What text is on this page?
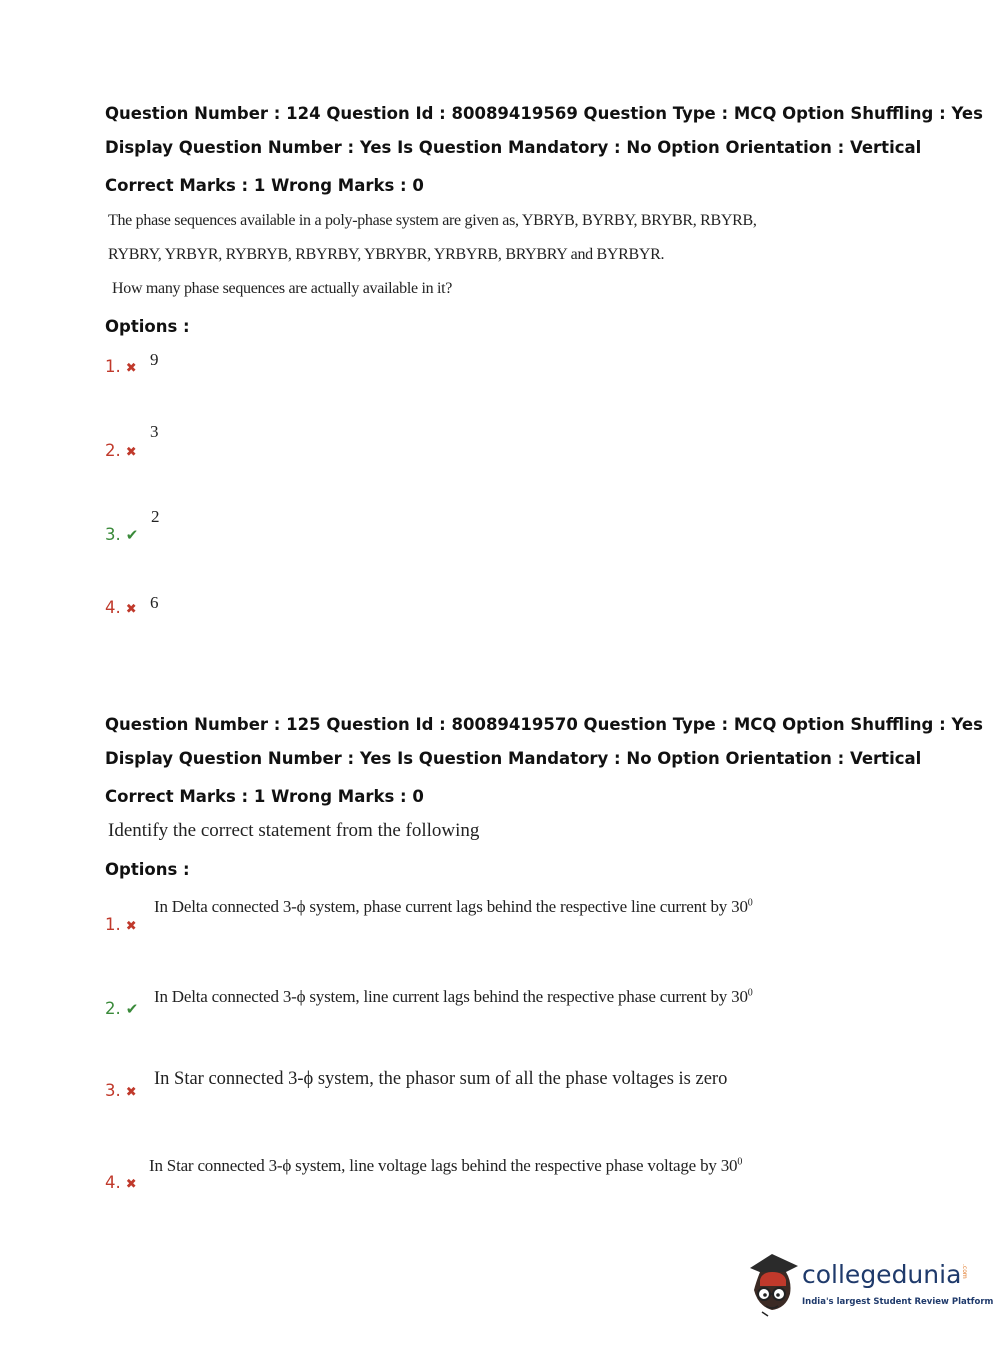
Question Number : 124 Question Id : 80089419569 Question Type : MCQ Option Shuffling : Yes
Display Question Number : Yes Is Question Mandatory : No Option Orientation : Vertical
Correct Marks : 1 Wrong Marks : 0
The phase sequences available in a poly-phase system are given as, YBRYB, BYRBY, BRYBR, RBYRB,
RYBRY, YRBYR, RYBRYB, RBYRBY, YBRYBR, YRBYRB, BRYBRY and BYRBYR.
How many phase sequences are actually available in it?
Options :
1. ✖ 9
2. ✖
3
3. ✔
2
4. ✖ 6
Question Number : 125 Question Id : 80089419570 Question Type : MCQ Option Shuffling : Yes
Display Question Number : Yes Is Question Mandatory : No Option Orientation : Vertical
Correct Marks : 1 Wrong Marks : 0
Identify the correct statement from the following
Options :
1. ✖
In Delta connected 3-ϕ system, phase current lags behind the respective line current by $30^0$
2. ✔
In Delta connected 3-ϕ system, line current lags behind the respective phase current by $30^0$
3. ✖
In Star connected 3-ϕ system, the phasor sum of all the phase voltages is zero
4. ✖
In Star connected 3-ϕ system, line voltage lags behind the respective phase voltage by $30^0$
collegedunia .com
India's largest Student Review Platform
